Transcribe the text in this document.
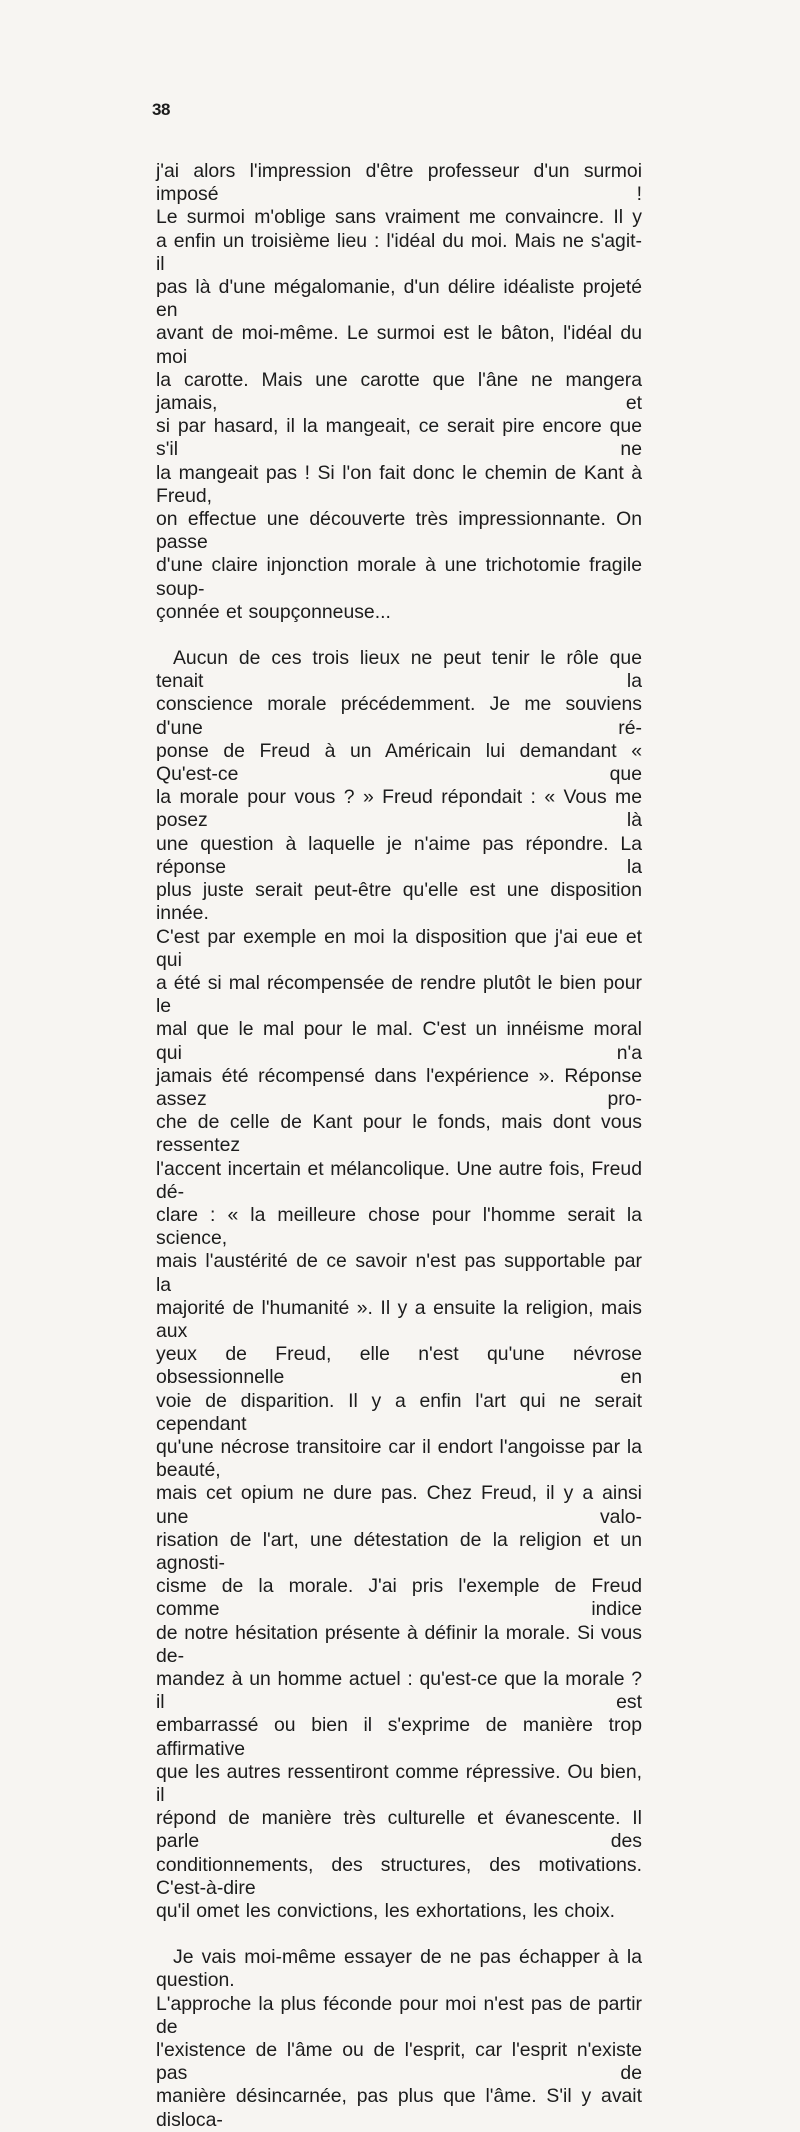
38
j'ai alors l'impression d'être professeur d'un surmoi imposé !
Le surmoi m'oblige sans vraiment me convaincre. Il y
a enfin un troisième lieu : l'idéal du moi. Mais ne s'agit-il
pas là d'une mégalomanie, d'un délire idéaliste projeté en
avant de moi-même. Le surmoi est le bâton, l'idéal du moi
la carotte. Mais une carotte que l'âne ne mangera jamais, et
si par hasard, il la mangeait, ce serait pire encore que s'il ne
la mangeait pas ! Si l'on fait donc le chemin de Kant à Freud,
on effectue une découverte très impressionnante. On passe
d'une claire injonction morale à une trichotomie fragile soup-
çonnée et soupçonneuse...
Aucun de ces trois lieux ne peut tenir le rôle que tenait la
conscience morale précédemment. Je me souviens d'une ré-
ponse de Freud à un Américain lui demandant « Qu'est-ce que
la morale pour vous ? » Freud répondait : « Vous me posez là
une question à laquelle je n'aime pas répondre. La réponse la
plus juste serait peut-être qu'elle est une disposition innée.
C'est par exemple en moi la disposition que j'ai eue et qui
a été si mal récompensée de rendre plutôt le bien pour le
mal que le mal pour le mal. C'est un innéisme moral qui n'a
jamais été récompensé dans l'expérience ». Réponse assez pro-
che de celle de Kant pour le fonds, mais dont vous ressentez
l'accent incertain et mélancolique. Une autre fois, Freud dé-
clare : « la meilleure chose pour l'homme serait la science,
mais l'austérité de ce savoir n'est pas supportable par la
majorité de l'humanité ». Il y a ensuite la religion, mais aux
yeux de Freud, elle n'est qu'une névrose obsessionnelle en
voie de disparition. Il y a enfin l'art qui ne serait cependant
qu'une nécrose transitoire car il endort l'angoisse par la beauté,
mais cet opium ne dure pas. Chez Freud, il y a ainsi une valo-
risation de l'art, une détestation de la religion et un agnosti-
cisme de la morale. J'ai pris l'exemple de Freud comme indice
de notre hésitation présente à définir la morale. Si vous de-
mandez à un homme actuel : qu'est-ce que la morale ? il est
embarrassé ou bien il s'exprime de manière trop affirmative
que les autres ressentiront comme répressive. Ou bien, il
répond de manière très culturelle et évanescente. Il parle des
conditionnements, des structures, des motivations. C'est-à-dire
qu'il omet les convictions, les exhortations, les choix.
Je vais moi-même essayer de ne pas échapper à la question.
L'approche la plus féconde pour moi n'est pas de partir de
l'existence de l'âme ou de l'esprit, car l'esprit n'existe pas de
manière désincarnée, pas plus que l'âme. S'il y avait disloca-
